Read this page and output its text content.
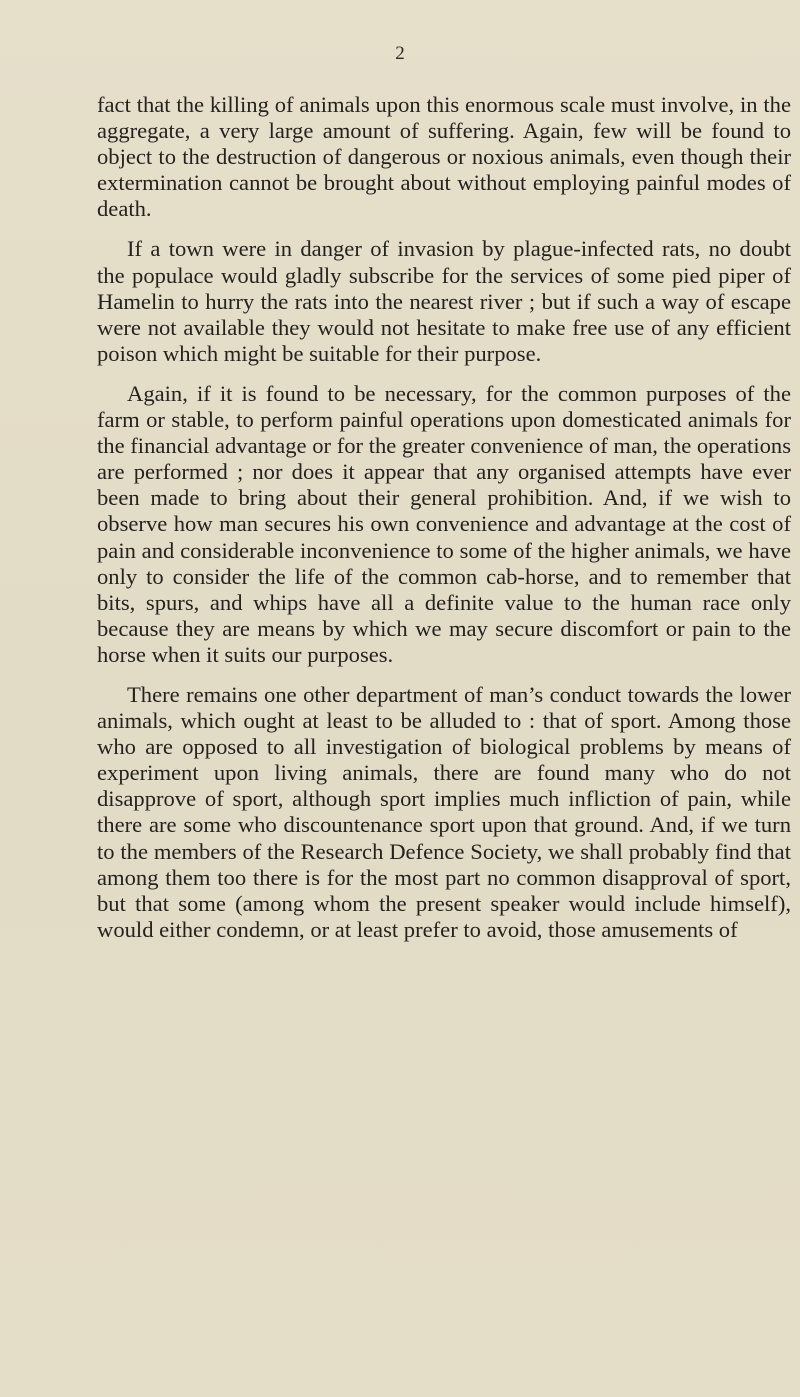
2

fact that the killing of animals upon this enormous scale must involve, in the aggregate, a very large amount of suffering. Again, few will be found to object to the destruction of dangerous or noxious animals, even though their extermination cannot be brought about without employing painful modes of death.

If a town were in danger of invasion by plague-infected rats, no doubt the populace would gladly subscribe for the services of some pied piper of Hamelin to hurry the rats into the nearest river ; but if such a way of escape were not available they would not hesitate to make free use of any efficient poison which might be suitable for their purpose.

Again, if it is found to be necessary, for the common purposes of the farm or stable, to perform painful operations upon domesticated animals for the financial advantage or for the greater convenience of man, the operations are performed ; nor does it appear that any organised attempts have ever been made to bring about their general prohibition. And, if we wish to observe how man secures his own convenience and advantage at the cost of pain and considerable inconvenience to some of the higher animals, we have only to consider the life of the common cab-horse, and to remember that bits, spurs, and whips have all a definite value to the human race only because they are means by which we may secure discomfort or pain to the horse when it suits our purposes.

There remains one other department of man’s conduct towards the lower animals, which ought at least to be alluded to : that of sport. Among those who are opposed to all investigation of biological problems by means of experiment upon living animals, there are found many who do not disapprove of sport, although sport implies much infliction of pain, while there are some who discountenance sport upon that ground. And, if we turn to the members of the Research Defence Society, we shall probably find that among them too there is for the most part no common disapproval of sport, but that some (among whom the present speaker would include himself), would either condemn, or at least prefer to avoid, those amusements of
